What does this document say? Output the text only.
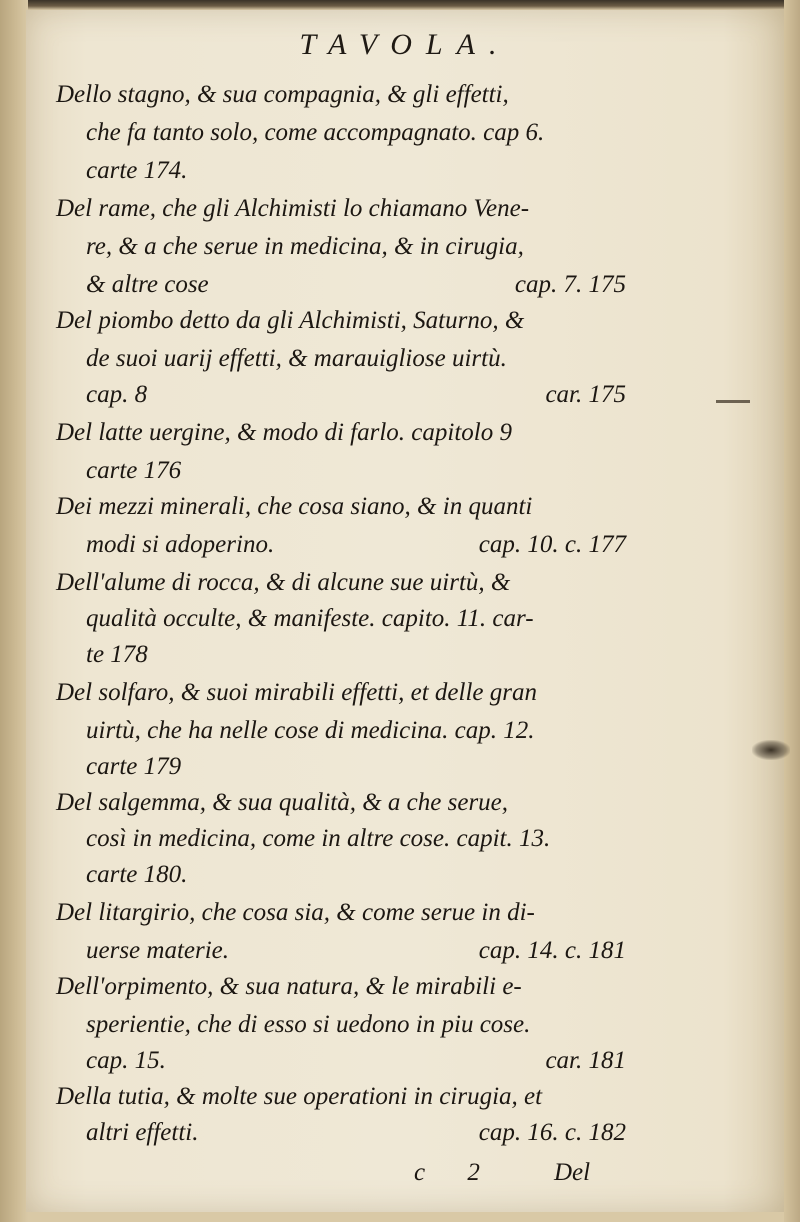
TAVOLA.
Dello stagno, & sua compagnia, & gli effetti,
che fa tanto solo, come accompagnato. cap 6.
carte 174.
Del rame, che gli Alchimisti lo chiamano Vene-
re, & a che serue in medicina, & in cirugia,
& altre cose	cap. 7. 175
Del piombo detto da gli Alchimisti, Saturno, &
de suoi uarij effetti, & marauigliose uirtù.
cap. 8	car. 175
Del latte uergine, & modo di farlo. capitolo 9
carte 176
Dei mezzi minerali, che cosa siano, & in quanti
modi si adoperino.	cap. 10. c. 177
Dell'alume di rocca, & di alcune sue uirtù, &
qualità occulte, & manifeste. capito. 11. car-
te 178
Del solfaro, & suoi mirabili effetti, et delle gran
uirtù, che ha nelle cose di medicina. cap. 12.
carte 179
Del salgemma, & sua qualità, & a che serue,
così in medicina, come in altre cose. capit. 13.
carte 180.
Del litargirio, che cosa sia, & come serue in di-
uerse materie.	cap. 14. c. 181
Dell'orpimento, & sua natura, & le mirabili e-
sperientie, che di esso si uedono in piu cose.
cap. 15.	car. 181
Della tutia, & molte sue operationi in cirugia, et
altri effetti.	cap. 16. c. 182
c 2 Del
